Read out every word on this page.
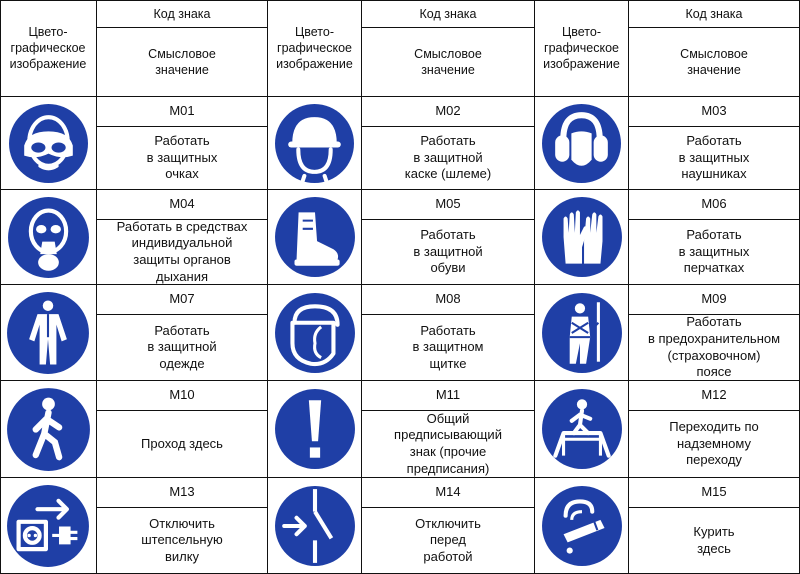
Цвето-
графическое
изображение
Код знака
Смысловое
значение
Цвето-
графическое
изображение
Код знака
Смысловое
значение
Цвето-
графическое
изображение
Код знака
Смысловое
значение
M01
Работать
в защитных
очках
M02
Работать
в защитной
каске (шлеме)
M03
Работать
в защитных
наушниках
M04
Работать в средствах
индивидуальной
защиты органов
дыхания
M05
Работать
в защитной
обуви
M06
Работать
в защитных
перчатках
M07
Работать
в защитной
одежде
M08
Работать
в защитном
щитке
M09
Работать
в предохранительном
(страховочном)
поясе
M10
Проход здесь
M11
Общий
предписывающий
знак (прочие
предписания)
M12
Переходить по
надземному
переходу
M13
Отключить
штепсельную
вилку
M14
Отключить
перед
работой
M15
Курить
здесь
